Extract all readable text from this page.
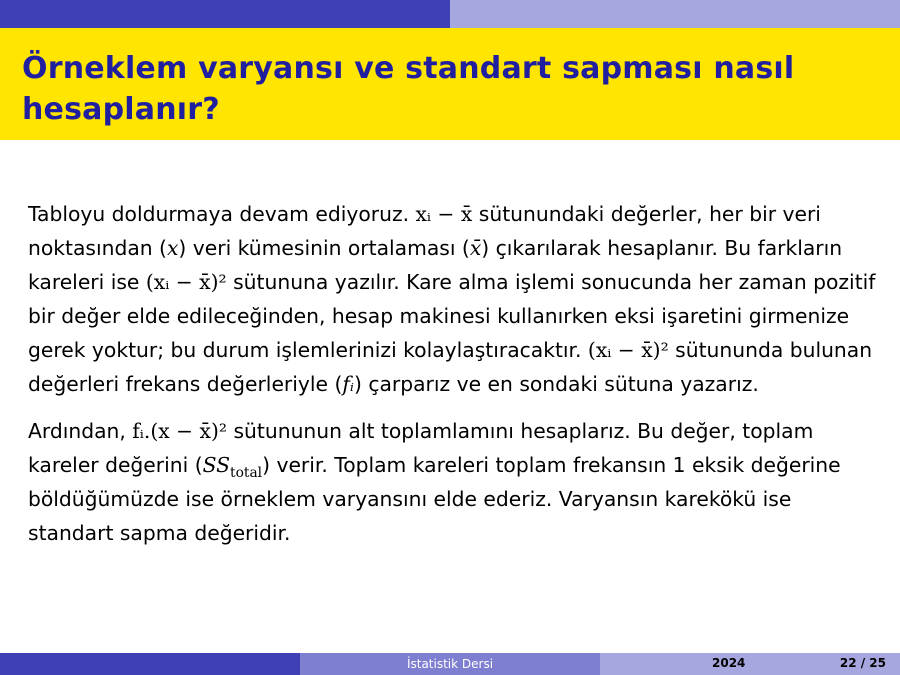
Örneklem varyansı ve standart sapması nasıl hesaplanır?

Tabloyu doldurmaya devam ediyoruz. xᵢ − x̄ sütunundaki değerler, her bir veri noktasından (x) veri kümesinin ortalaması (x̄) çıkarılarak hesaplanır. Bu farkların kareleri ise (xᵢ − x̄)² sütununa yazılır. Kare alma işlemi sonucunda her zaman pozitif bir değer elde edileceğinden, hesap makinesi kullanırken eksi işaretini girmenize gerek yoktur; bu durum işlemlerinizi kolaylaştıracaktır. (xᵢ − x̄)² sütununda bulunan değerleri frekans değerleriyle (fᵢ) çarparız ve en sondaki sütuna yazarız.

Ardından, fᵢ.(x − x̄)² sütununun alt toplamlamını hesaplarız. Bu değer, toplam kareler değerini $(SS_{total})$ verir. Toplam kareleri toplam frekansın 1 eksik değerine böldüğümüzde ise örneklem varyansını elde ederiz. Varyansın karekökü ise standart sapma değeridir.

İstatistik Dersi	2024	22 / 25
